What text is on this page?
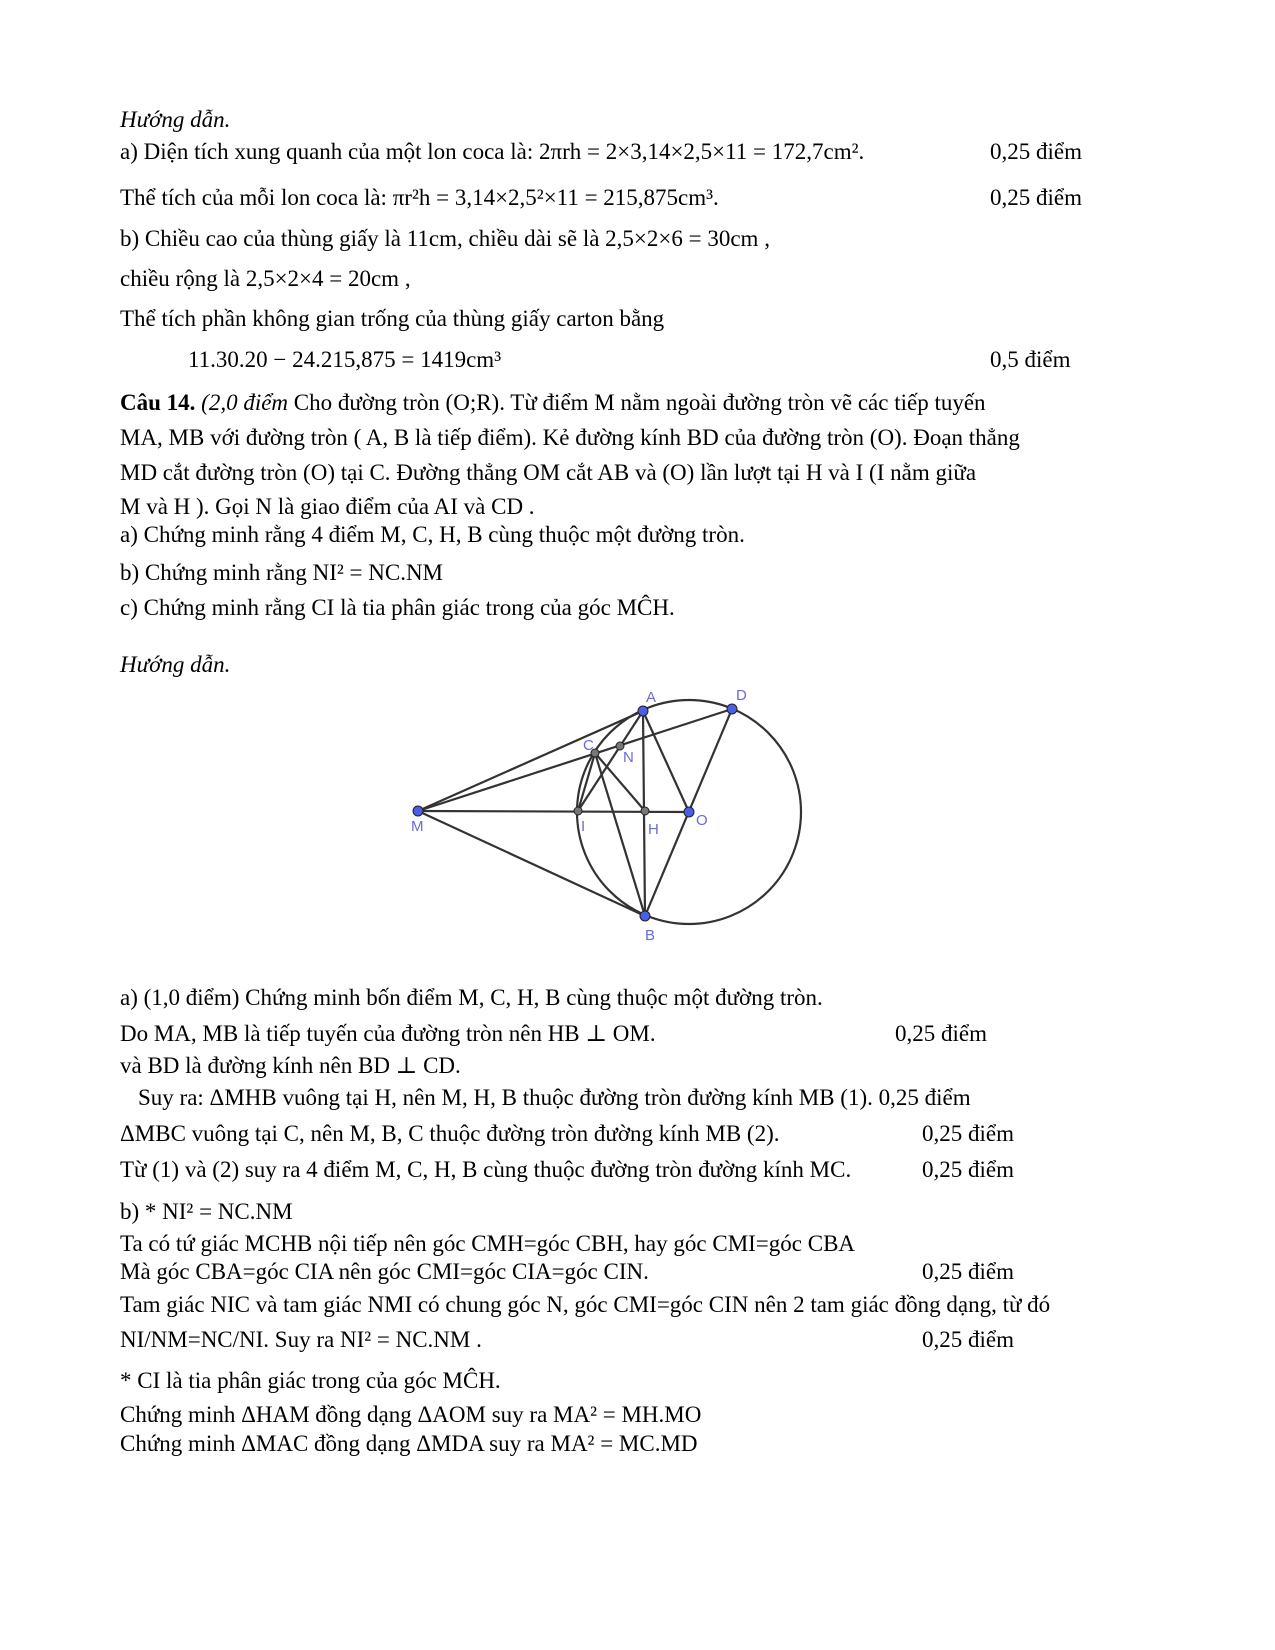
Hướng dẫn.
a) Diện tích xung quanh của một lon coca là: 2πrh = 2×3,14×2,5×11 = 172,7cm².	0,25 điểm
Thể tích của mỗi lon coca là: πr²h = 3,14×2,5²×11 = 215,875cm³.	0,25 điểm
b) Chiều cao của thùng giấy là 11cm, chiều dài sẽ là 2,5×2×6 = 30cm ,
chiều rộng là 2,5×2×4 = 20cm ,
Thể tích phần không gian trống của thùng giấy carton bằng
11.30.20 − 24.215,875 = 1419cm³	0,5 điểm
Câu 14. (2,0 điểm Cho đường tròn (O;R). Từ điểm M nằm ngoài đường tròn vẽ các tiếp tuyến
MA, MB với đường tròn ( A, B là tiếp điểm). Kẻ đường kính BD của đường tròn (O). Đoạn thẳng
MD cắt đường tròn (O) tại C. Đường thẳng OM cắt AB và (O) lần lượt tại H và I (I nằm giữa
M và H ). Gọi N là giao điểm của AI và CD .
a) Chứng minh rằng 4 điểm M, C, H, B cùng thuộc một đường tròn.
b) Chứng minh rằng NI² = NC.NM
c) Chứng minh rằng CI là tia phân giác trong của góc MĈH.
Hướng dẫn.
A	D
C
N
M	I	H
O
B
a) (1,0 điểm) Chứng minh bốn điểm M, C, H, B cùng thuộc một đường tròn.
Do MA, MB là tiếp tuyến của đường tròn nên HB ⊥ OM.	0,25 điểm
và BD là đường kính nên BD ⊥ CD.
Suy ra: ΔMHB vuông tại H, nên M, H, B thuộc đường tròn đường kính MB (1). 0,25 điểm
ΔMBC vuông tại C, nên M, B, C thuộc đường tròn đường kính MB (2).	0,25 điểm
Từ (1) và (2) suy ra 4 điểm M, C, H, B cùng thuộc đường tròn đường kính MC.	0,25 điểm
b) * NI² = NC.NM
Ta có tứ giác MCHB nội tiếp nên góc CMH=góc CBH, hay góc CMI=góc CBA
Mà góc CBA=góc CIA nên góc CMI=góc CIA=góc CIN.	0,25 điểm
Tam giác NIC và tam giác NMI có chung góc N, góc CMI=góc CIN nên 2 tam giác đồng dạng, từ đó
NI/NM=NC/NI. Suy ra NI² = NC.NM .	0,25 điểm
* CI là tia phân giác trong của góc MĈH.
Chứng minh ΔHAM đồng dạng ΔAOM suy ra MA² = MH.MO
Chứng minh ΔMAC đồng dạng ΔMDA suy ra MA² = MC.MD
